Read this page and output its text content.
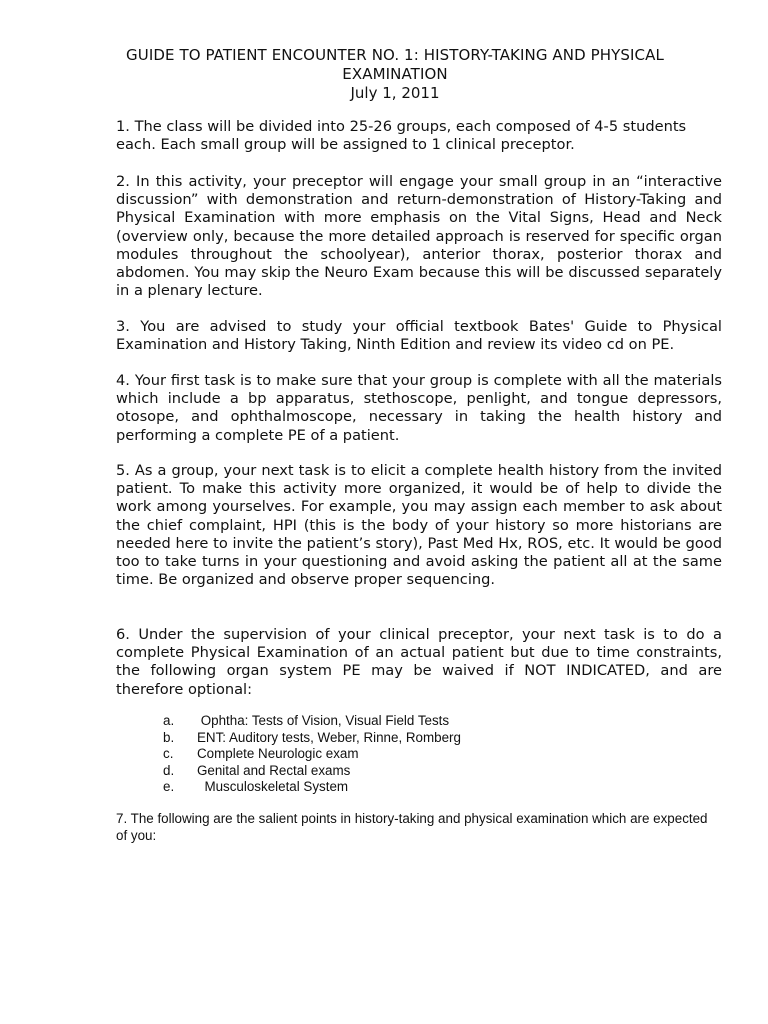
GUIDE TO PATIENT ENCOUNTER NO. 1: HISTORY-TAKING AND PHYSICAL
EXAMINATION
July 1, 2011

1. The class will be divided into 25-26 groups, each composed of 4-5 students each. Each small group will be assigned to 1 clinical preceptor.

2. In this activity, your preceptor will engage your small group in an “interactive discussion” with demonstration and return-demonstration of History-Taking and Physical Examination with more emphasis on the Vital Signs, Head and Neck (overview only, because the more detailed approach is reserved for specific organ modules throughout the schoolyear), anterior thorax, posterior thorax and abdomen. You may skip the Neuro Exam because this will be discussed separately in a plenary lecture.

3. You are advised to study your official textbook Bates' Guide to Physical Examination and History Taking, Ninth Edition and review its video cd on PE.

4. Your first task is to make sure that your group is complete with all the materials which include a bp apparatus, stethoscope, penlight, and tongue depressors, otosope, and ophthalmoscope, necessary in taking the health history and performing a complete PE of a patient.

5. As a group, your next task is to elicit a complete health history from the invited patient. To make this activity more organized, it would be of help to divide the work among yourselves. For example, you may assign each member to ask about the chief complaint, HPI (this is the body of your history so more historians are needed here to invite the patient’s story), Past Med Hx, ROS, etc. It would be good too to take turns in your questioning and avoid asking the patient all at the same time. Be organized and observe proper sequencing.

6. Under the supervision of your clinical preceptor, your next task is to do a complete Physical Examination of an actual patient but due to time constraints, the following organ system PE may be waived if NOT INDICATED, and are therefore optional:

a.	Ophtha: Tests of Vision, Visual Field Tests
b.	ENT: Auditory tests, Weber, Rinne, Romberg
c.	Complete Neurologic exam
d.	Genital and Rectal exams
e.	Musculoskeletal System

7. The following are the salient points in history-taking and physical examination which are expected of you:
